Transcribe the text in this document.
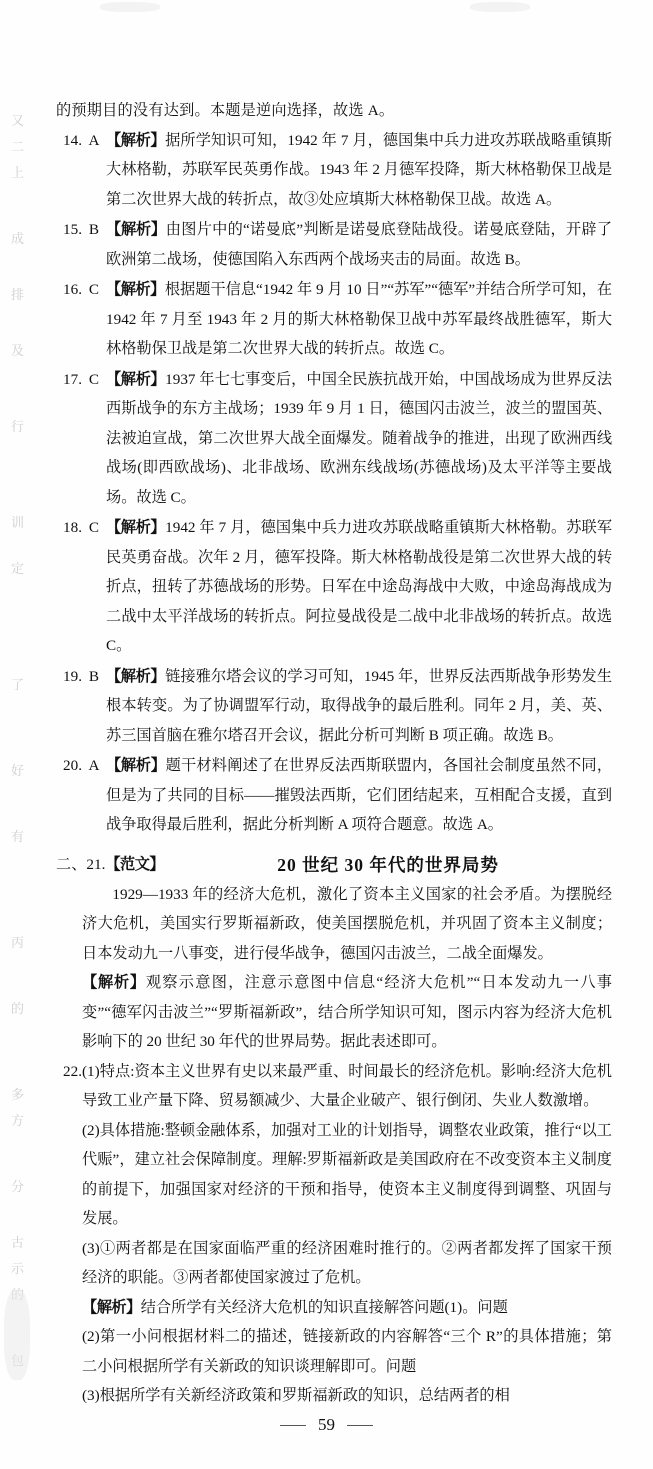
又
二
上
成
排
及
行
训
定
了
好
有
丙
的
多
方
分
古
示
的预期目的没有达到。本题是逆向选择，故选 A。
14. A 【解析】据所学知识可知，1942 年 7 月，德国集中兵力进攻苏联战略重镇斯大林格勒，苏联军民英勇作战。1943 年 2 月德军投降，斯大林格勒保卫战是第二次世界大战的转折点，故③处应填斯大林格勒保卫战。故选 A。
15. B 【解析】由图片中的“诺曼底”判断是诺曼底登陆战役。诺曼底登陆，开辟了欧洲第二战场，使德国陷入东西两个战场夹击的局面。故选 B。
16. C 【解析】根据题干信息“1942 年 9 月 10 日”“苏军”“德军”并结合所学可知，在 1942 年 7 月至 1943 年 2 月的斯大林格勒保卫战中苏军最终战胜德军，斯大林格勒保卫战是第二次世界大战的转折点。故选 C。
17. C 【解析】1937 年七七事变后，中国全民族抗战开始，中国战场成为世界反法西斯战争的东方主战场；1939 年 9 月 1 日，德国闪击波兰，波兰的盟国英、法被迫宣战，第二次世界大战全面爆发。随着战争的推进，出现了欧洲西线战场(即西欧战场)、北非战场、欧洲东线战场(苏德战场)及太平洋等主要战场。故选 C。
18. C 【解析】1942 年 7 月，德国集中兵力进攻苏联战略重镇斯大林格勒。苏联军民英勇奋战。次年 2 月，德军投降。斯大林格勒战役是第二次世界大战的转折点，扭转了苏德战场的形势。日军在中途岛海战中大败，中途岛海战成为二战中太平洋战场的转折点。阿拉曼战役是二战中北非战场的转折点。故选 C。
19. B 【解析】链接雅尔塔会议的学习可知，1945 年，世界反法西斯战争形势发生根本转变。为了协调盟军行动，取得战争的最后胜利。同年 2 月，美、英、苏三国首脑在雅尔塔召开会议，据此分析可判断 B 项正确。故选 B。
20. A 【解析】题干材料阐述了在世界反法西斯联盟内，各国社会制度虽然不同，但是为了共同的目标——摧毁法西斯，它们团结起来，互相配合支援，直到战争取得最后胜利，据此分析判断 A 项符合题意。故选 A。
二、21.【范文】	20 世纪 30 年代的世界局势
1929—1933 年的经济大危机，激化了资本主义国家的社会矛盾。为摆脱经济大危机，美国实行罗斯福新政，使美国摆脱危机，并巩固了资本主义制度；日本发动九一八事变，进行侵华战争，德国闪击波兰，二战全面爆发。
【解析】观察示意图，注意示意图中信息“经济大危机”“日本发动九一八事变”“德军闪击波兰”“罗斯福新政”，结合所学知识可知，图示内容为经济大危机影响下的 20 世纪 30 年代的世界局势。据此表述即可。
22. (1)特点:资本主义世界有史以来最严重、时间最长的经济危机。影响:经济大危机导致工业产量下降、贸易额减少、大量企业破产、银行倒闭、失业人数激增。
(2)具体措施:整顿金融体系，加强对工业的计划指导，调整农业政策，推行“以工代赈”，建立社会保障制度。理解:罗斯福新政是美国政府在不改变资本主义制度的前提下，加强国家对经济的干预和指导，使资本主义制度得到调整、巩固与发展。
(3)①两者都是在国家面临严重的经济困难时推行的。②两者都发挥了国家干预经济的职能。③两者都使国家渡过了危机。
【解析】结合所学有关经济大危机的知识直接解答问题(1)。问题
(2)第一小问根据材料二的描述，链接新政的内容解答“三个 R”的具体措施；第二小问根据所学有关新政的知识谈理解即可。问题
(3)根据所学有关新经济政策和罗斯福新政的知识，总结两者的相
59
